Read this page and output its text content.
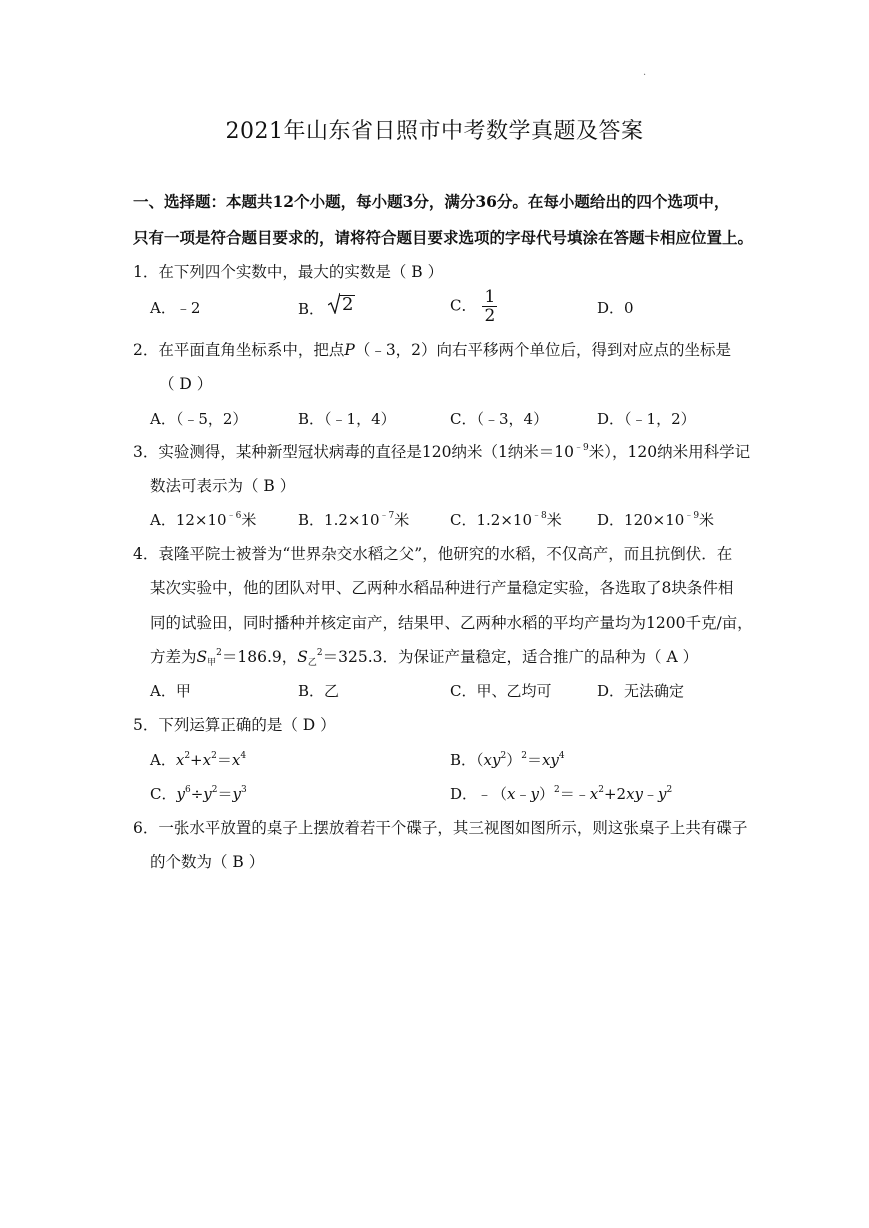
·
2021年山东省日照市中考数学真题及答案
一、选择题：本题共12个小题，每小题3分，满分36分。在每小题给出的四个选项中，
只有一项是符合题目要求的，请将符合题目要求选项的字母代号填涂在答题卡相应位置上。
1．在下列四个实数中，最大的实数是（ B ）
A．﹣2	B． 2	C． $\frac{1}{2}$	D．0
2．在平面直角坐标系中，把点P（﹣3，2）向右平移两个单位后，得到对应点的坐标是
（ D ）
A．（﹣5，2）	B．（﹣1，4）	C．（﹣3，4）	D．（﹣1，2）
3．实验测得，某种新型冠状病毒的直径是120纳米（1纳米$=10^{﹣9}$米），120纳米用科学记
数法可表示为（ B ）
A．$12\times 10^{﹣6}$米	B．$1.2\times 10^{﹣7}$米	C．$1.2\times 10^{﹣8}$米 D．$120\times 10^{﹣9}$米
4．袁隆平院士被誉为“世界杂交水稻之父”，他研究的水稻，不仅高产，而且抗倒伏．在
某次实验中，他的团队对甲、乙两种水稻品种进行产量稳定实验，各选取了8块条件相
同的试验田，同时播种并核定亩产，结果甲、乙两种水稻的平均产量均为1200千克/亩，
方差为$S_甲^2=186.9$，$S_乙^2=325.3$．为保证产量稳定，适合推广的品种为（ A ）
A．甲	B．乙	C．甲、乙均可	D．无法确定
5．下列运算正确的是（ D ）
A．$x^2+x^2=x^4$	B．$(xy^2)^2=xy^4$
C．$y^6\div y^2=y^3$	D．$﹣(x﹣y)^2=﹣x^2+2xy﹣y^2$
6．一张水平放置的桌子上摆放着若干个碟子，其三视图如图所示，则这张桌子上共有碟子
的个数为（ B ）
